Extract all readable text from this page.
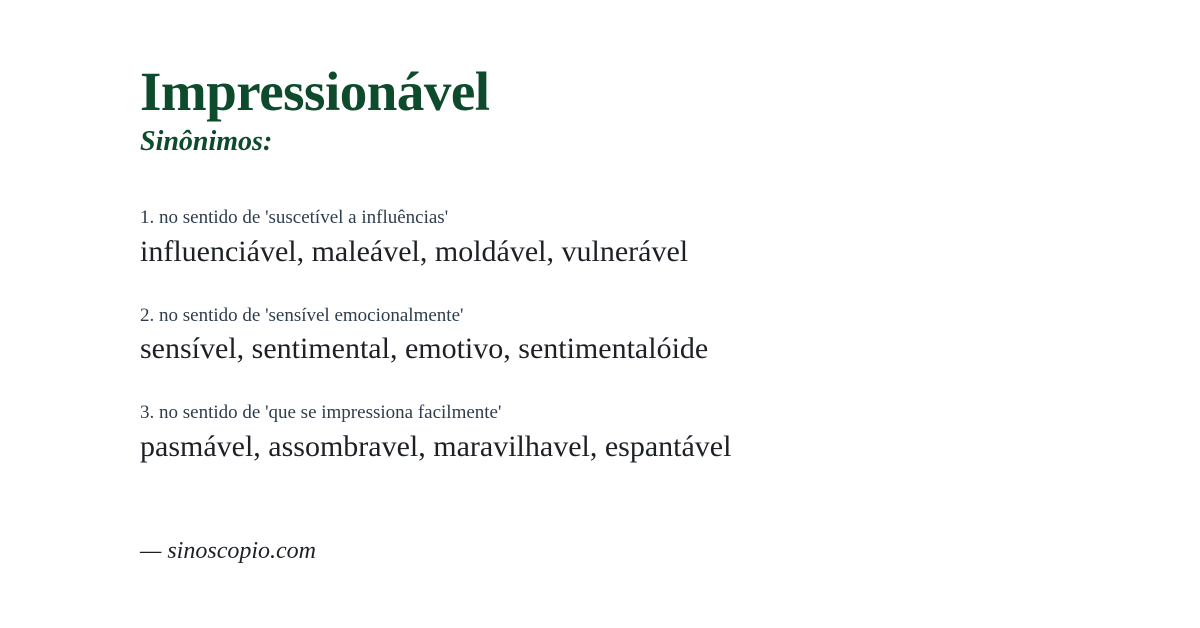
Impressionável
Sinônimos:
1. no sentido de 'suscetível a influências'
influenciável, maleável, moldável, vulnerável
2. no sentido de 'sensível emocionalmente'
sensível, sentimental, emotivo, sentimentalóide
3. no sentido de 'que se impressiona facilmente'
pasmável, assombravel, maravilhavel, espantável
— sinoscopio.com
